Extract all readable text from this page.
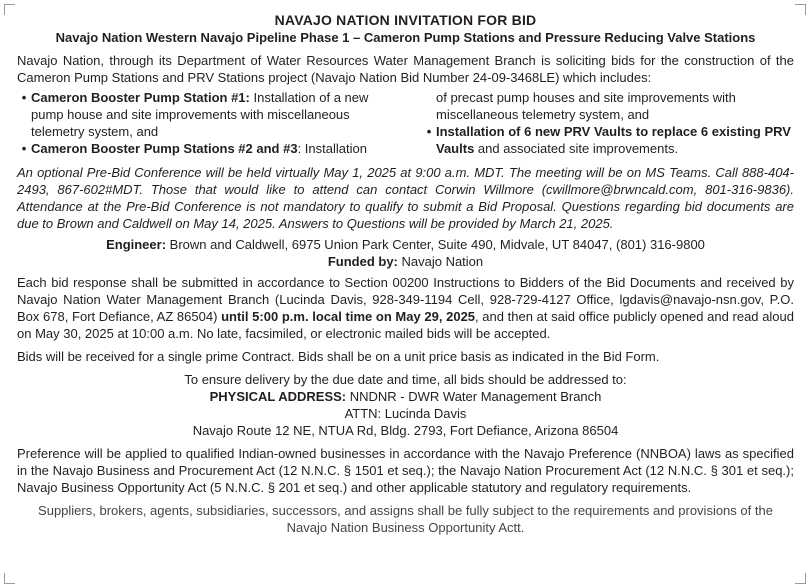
NAVAJO NATION INVITATION FOR BID
Navajo Nation Western Navajo Pipeline Phase 1 – Cameron Pump Stations and Pressure Reducing Valve Stations

Navajo Nation, through its Department of Water Resources Water Management Branch is soliciting bids for the construction of the Cameron Pump Stations and PRV Stations project (Navajo Nation Bid Number 24-09-3468LE) which includes:

• Cameron Booster Pump Station #1: Installation of a new pump house and site improvements with miscellaneous telemetry system, and
• Cameron Booster Pump Stations #2 and #3: Installation
of precast pump houses and site improvements with miscellaneous telemetry system, and
• Installation of 6 new PRV Vaults to replace 6 existing PRV Vaults and associated site improvements.

An optional Pre-Bid Conference will be held virtually May 1, 2025 at 9:00 a.m. MDT. The meeting will be on MS Teams. Call 888-404-2493, 867-602#MDT. Those that would like to attend can contact Corwin Willmore (cwillmore@brwncald.com, 801-316-9836). Attendance at the Pre-Bid Conference is not mandatory to qualify to submit a Bid Proposal. Questions regarding bid documents are due to Brown and Caldwell on May 14, 2025. Answers to Questions will be provided by March 21, 2025.

Engineer: Brown and Caldwell, 6975 Union Park Center, Suite 490, Midvale, UT 84047, (801) 316-9800

Funded by: Navajo Nation

Each bid response shall be submitted in accordance to Section 00200 Instructions to Bidders of the Bid Documents and received by Navajo Nation Water Management Branch (Lucinda Davis, 928-349-1194 Cell, 928-729-4127 Office, lgdavis@navajo-nsn.gov, P.O. Box 678, Fort Defiance, AZ 86504) until 5:00 p.m. local time on May 29, 2025, and then at said office publicly opened and read aloud on May 30, 2025 at 10:00 a.m. No late, facsimiled, or electronic mailed bids will be accepted.

Bids will be received for a single prime Contract. Bids shall be on a unit price basis as indicated in the Bid Form.

To ensure delivery by the due date and time, all bids should be addressed to:
PHYSICAL ADDRESS: NNDNR - DWR Water Management Branch
ATTN: Lucinda Davis
Navajo Route 12 NE, NTUA Rd, Bldg. 2793, Fort Defiance, Arizona 86504

Preference will be applied to qualified Indian-owned businesses in accordance with the Navajo Preference (NNBOA) laws as specified in the Navajo Business and Procurement Act (12 N.N.C. § 1501 et seq.); the Navajo Nation Procurement Act (12 N.N.C. § 301 et seq.); Navajo Business Opportunity Act (5 N.N.C. § 201 et seq.) and other applicable statutory and regulatory requirements.

Suppliers, brokers, agents, subsidiaries, successors, and assigns shall be fully subject to the requirements and provisions of the Navajo Nation Business Opportunity Actt.
